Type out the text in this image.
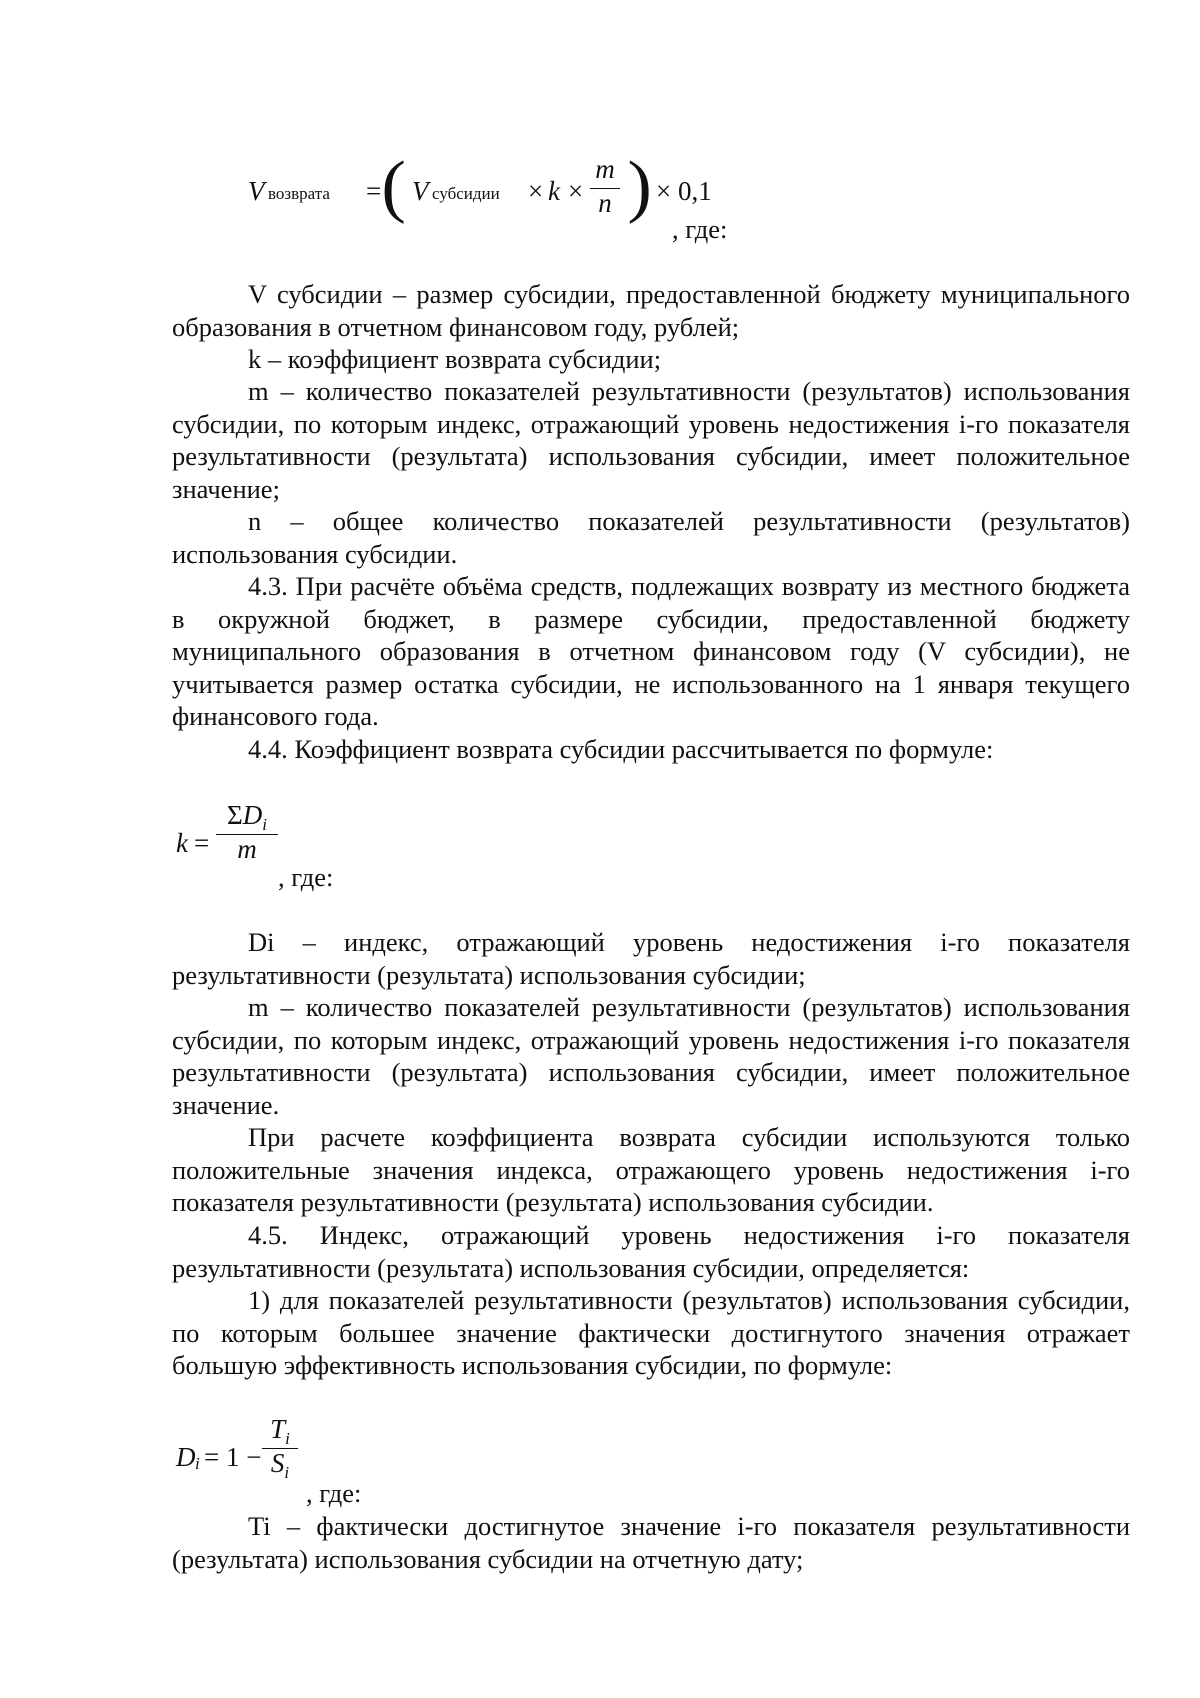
V возврата = ( V субсидии × k ×
m
n ) × 0,1
, где:

V субсидии – размер субсидии, предоставленной бюджету муниципального образования в отчетном финансовом году, рублей;

k – коэффициент возврата субсидии;

m – количество показателей результативности (результатов) использования субсидии, по которым индекс, отражающий уровень недостижения i-го показателя результативности (результата) использования субсидии, имеет положительное значение;

n – общее количество показателей результативности (результатов) использования субсидии.

4.3. При расчёте объёма средств, подлежащих возврату из местного бюджета в окружной бюджет, в размере субсидии, предоставленной бюджету муниципального образования в отчетном финансовом году (V субсидии), не учитывается размер остатка субсидии, не использованного на 1 января текущего финансового года.

4.4. Коэффициент возврата субсидии рассчитывается по формуле:

k =
$\Sigma D_i$
m
, где:

Di – индекс, отражающий уровень недостижения i-го показателя результативности (результата) использования субсидии;

m – количество показателей результативности (результатов) использования субсидии, по которым индекс, отражающий уровень недостижения i-го показателя результативности (результата) использования субсидии, имеет положительное значение.

При расчете коэффициента возврата субсидии используются только положительные значения индекса, отражающего уровень недостижения i-го показателя результативности (результата) использования субсидии.

4.5. Индекс, отражающий уровень недостижения i-го показателя результативности (результата) использования субсидии, определяется:

1) для показателей результативности (результатов) использования субсидии, по которым большее значение фактически достигнутого значения отражает большую эффективность использования субсидии, по формуле:

D i = 1 −
$T_i$
$S_i$
, где:

Ti – фактически достигнутое значение i-го показателя результативности (результата) использования субсидии на отчетную дату;
